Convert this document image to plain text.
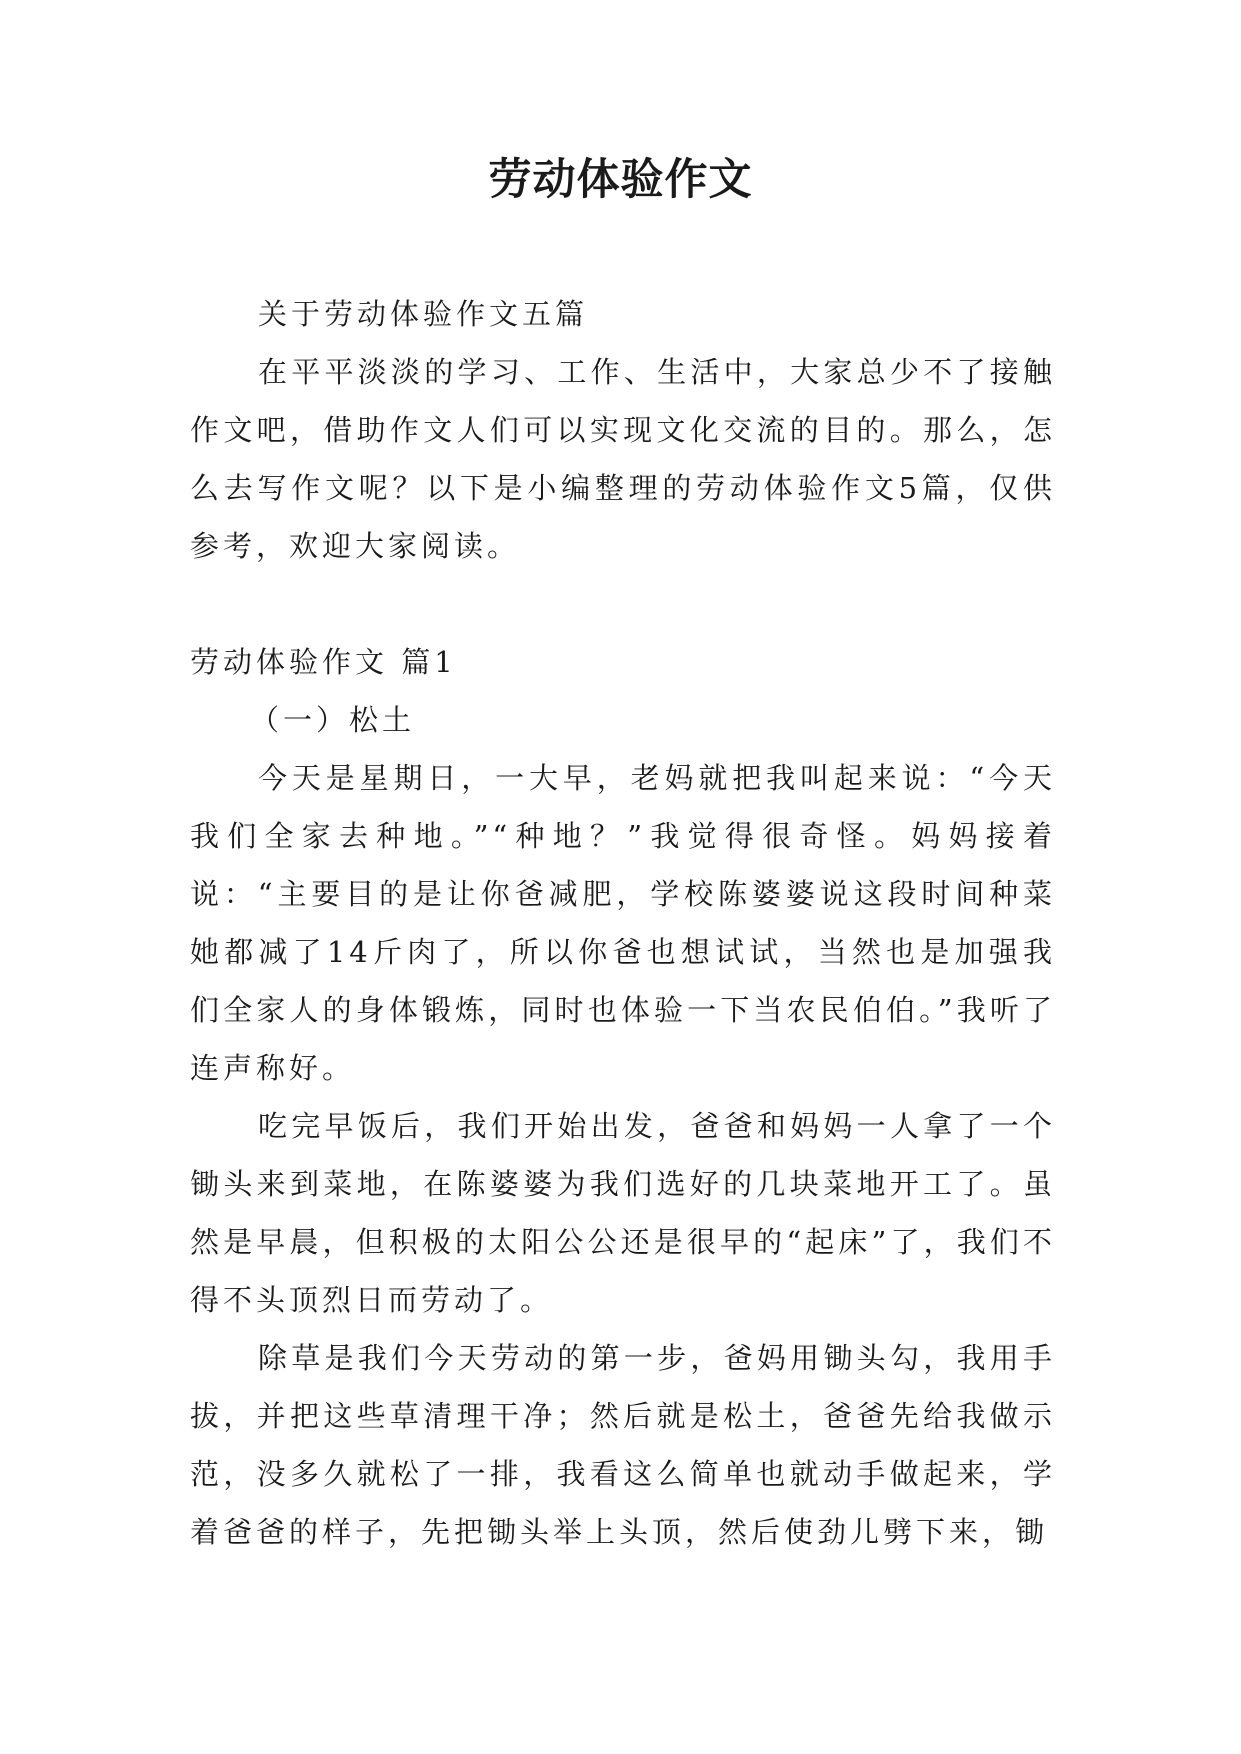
劳动体验作文

关于劳动体验作文五篇

在平平淡淡的学习、工作、生活中，大家总少不了接触作文吧，借助作文人们可以实现文化交流的目的。那么，怎么去写作文呢？以下是小编整理的劳动体验作文5篇，仅供参考，欢迎大家阅读。

劳动体验作文 篇1

（一）松土

今天是星期日，一大早，老妈就把我叫起来说：“今天我们全家去种地。”“种地？”我觉得很奇怪。妈妈接着说：“主要目的是让你爸减肥，学校陈婆婆说这段时间种菜她都减了14斤肉了，所以你爸也想试试，当然也是加强我们全家人的身体锻炼，同时也体验一下当农民伯伯。”我听了连声称好。

吃完早饭后，我们开始出发，爸爸和妈妈一人拿了一个锄头来到菜地，在陈婆婆为我们选好的几块菜地开工了。虽然是早晨，但积极的太阳公公还是很早的“起床”了，我们不得不头顶烈日而劳动了。

除草是我们今天劳动的第一步，爸妈用锄头勾，我用手拔，并把这些草清理干净；然后就是松土，爸爸先给我做示范，没多久就松了一排，我看这么简单也就动手做起来，学着爸爸的样子，先把锄头举上头顶，然后使劲儿劈下来，锄
